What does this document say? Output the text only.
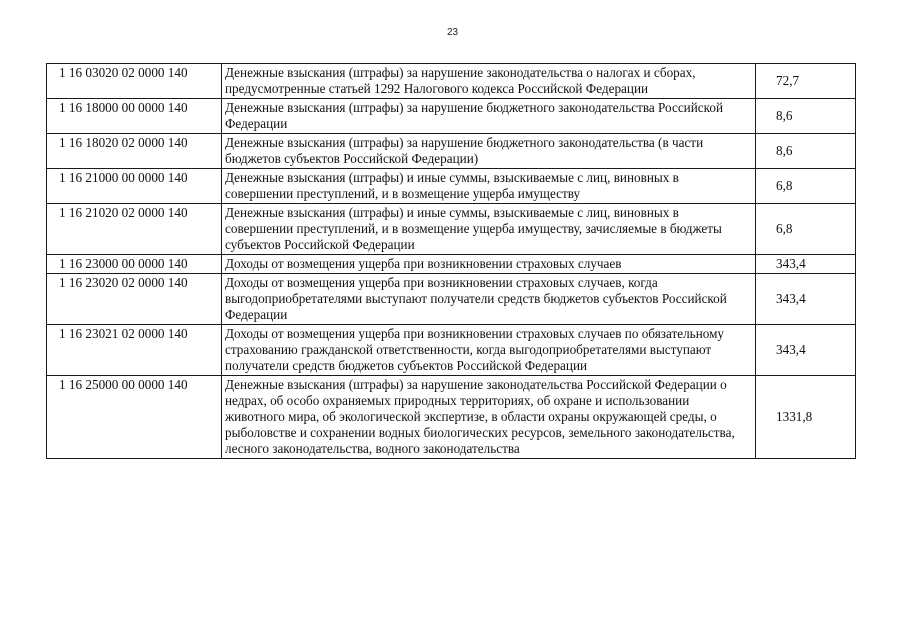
23
1 16 03020 02 0000 140	Денежные взыскания (штрафы) за нарушение законодательства о налогах и сборах, предусмотренные статьей 1292 Налогового кодекса Российской Федерации	72,7
1 16 18000 00 0000 140	Денежные взыскания (штрафы) за нарушение бюджетного законодательства Российской Федерации	8,6
1 16 18020 02 0000 140	Денежные взыскания (штрафы) за нарушение бюджетного законодательства (в части бюджетов субъектов Российской Федерации)	8,6
1 16 21000 00 0000 140	Денежные взыскания (штрафы) и иные суммы, взыскиваемые с лиц, виновных в совершении преступлений, и в возмещение ущерба имуществу	6,8
1 16 21020 02 0000 140	Денежные взыскания (штрафы) и иные суммы, взыскиваемые с лиц, виновных в совершении преступлений, и в возмещение ущерба имуществу, зачисляемые в бюджеты субъектов Российской Федерации	6,8
1 16 23000 00 0000 140	Доходы от возмещения ущерба при возникновении страховых случаев	343,4
1 16 23020 02 0000 140	Доходы от возмещения ущерба при возникновении страховых случаев, когда выгодоприобретателями выступают получатели средств бюджетов субъектов Российской Федерации	343,4
1 16 23021 02 0000 140	Доходы от возмещения ущерба при возникновении страховых случаев по обязательному страхованию гражданской ответственности, когда выгодоприобретателями выступают получатели средств бюджетов субъектов Российской Федерации	343,4
1 16 25000 00 0000 140	Денежные взыскания (штрафы) за нарушение законодательства Российской Федерации о недрах, об особо охраняемых природных территориях, об охране и использовании животного мира, об экологической экспертизе, в области охраны окружающей среды, о рыболовстве и сохранении водных биологических ресурсов, земельного законодательства, лесного законодательства, водного законодательства	1331,8
